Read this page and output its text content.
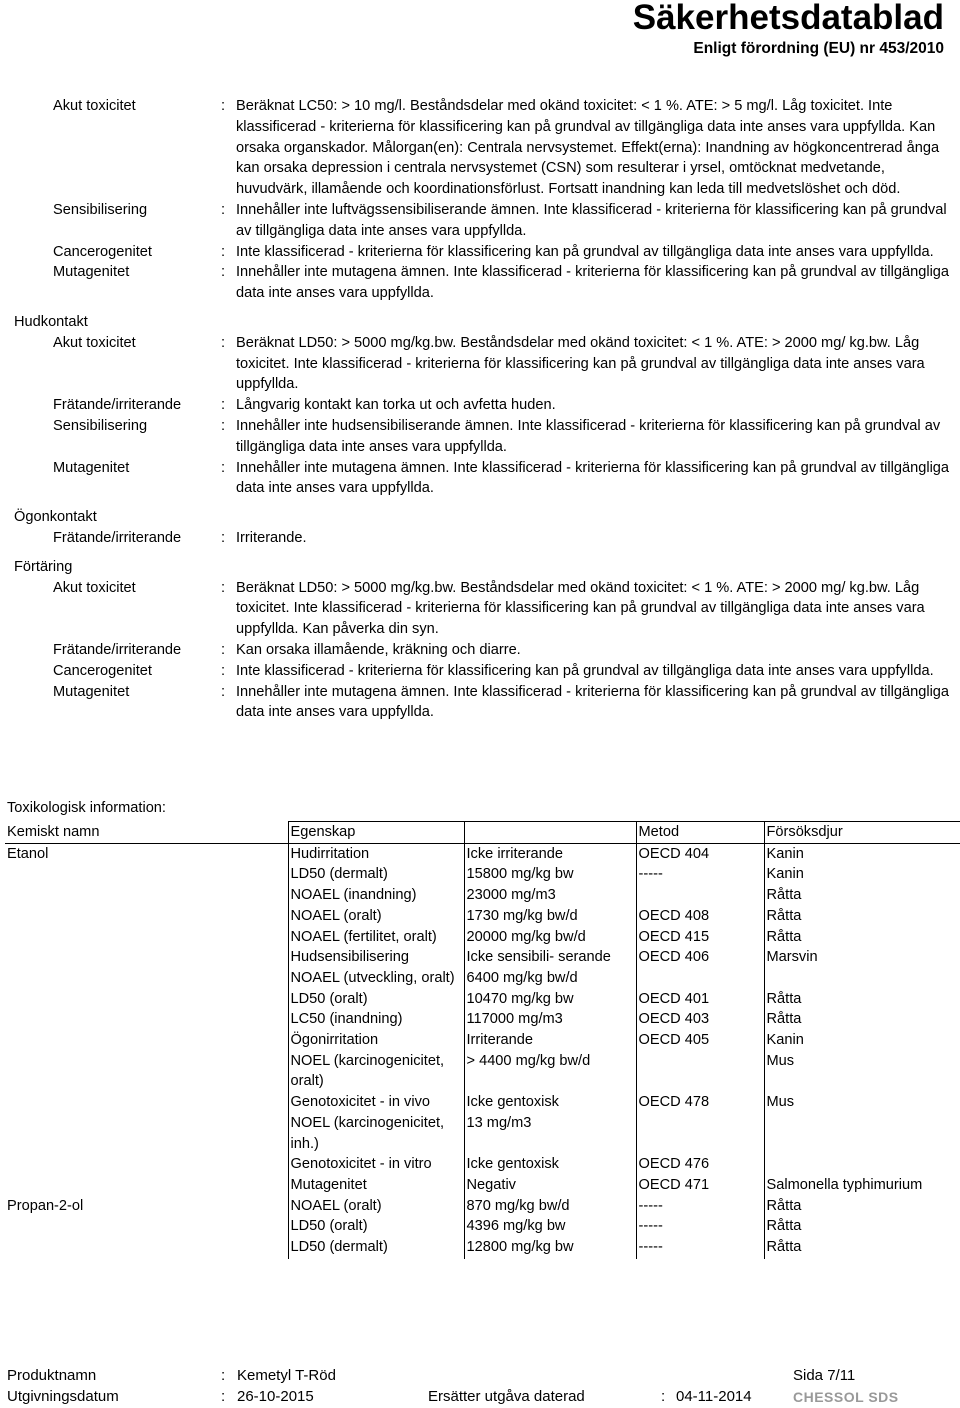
Säkerhetsdatablad
Enligt förordning (EU) nr 453/2010
Akut toxicitet	: Beräknat LC50: > 10 mg/l. Beståndsdelar med okänd toxicitet: < 1 %. ATE: > 5 mg/l. Låg toxicitet. Inte klassificerad - kriterierna för klassificering kan på grundval av tillgängliga data inte anses vara uppfyllda. Kan orsaka organskador. Målorgan(en): Centrala nervsystemet. Effekt(erna): Inandning av högkoncentrerad ånga kan orsaka depression i centrala nervsystemet (CSN) som resulterar i yrsel, omtöcknat medvetande, huvudvärk, illamående och koordinationsförlust. Fortsatt inandning kan leda till medvetslöshet och död.
Sensibilisering	: Innehåller inte luftvägssensibiliserande ämnen. Inte klassificerad - kriterierna för klassificering kan på grundval av tillgängliga data inte anses vara uppfyllda.
Cancerogenitet	: Inte klassificerad - kriterierna för klassificering kan på grundval av tillgängliga data inte anses vara uppfyllda.
Mutagenitet	: Innehåller inte mutagena ämnen. Inte klassificerad - kriterierna för klassificering kan på grundval av tillgängliga data inte anses vara uppfyllda.
Hudkontakt
Akut toxicitet	: Beräknat LD50: > 5000 mg/kg.bw. Beståndsdelar med okänd toxicitet: < 1 %. ATE: > 2000 mg/ kg.bw. Låg toxicitet. Inte klassificerad - kriterierna för klassificering kan på grundval av tillgängliga data inte anses vara uppfyllda.
Frätande/irriterande	: Långvarig kontakt kan torka ut och avfetta huden.
Sensibilisering	: Innehåller inte hudsensibiliserande ämnen. Inte klassificerad - kriterierna för klassificering kan på grundval av tillgängliga data inte anses vara uppfyllda.
Mutagenitet	: Innehåller inte mutagena ämnen. Inte klassificerad - kriterierna för klassificering kan på grundval av tillgängliga data inte anses vara uppfyllda.
Ögonkontakt
Frätande/irriterande	: Irriterande.
Förtäring
Akut toxicitet	: Beräknat LD50: > 5000 mg/kg.bw. Beståndsdelar med okänd toxicitet: < 1 %. ATE: > 2000 mg/ kg.bw. Låg toxicitet. Inte klassificerad - kriterierna för klassificering kan på grundval av tillgängliga data inte anses vara uppfyllda. Kan påverka din syn.
Frätande/irriterande	: Kan orsaka illamående, kräkning och diarre.
Cancerogenitet	: Inte klassificerad - kriterierna för klassificering kan på grundval av tillgängliga data inte anses vara uppfyllda.
Mutagenitet	: Innehåller inte mutagena ämnen. Inte klassificerad - kriterierna för klassificering kan på grundval av tillgängliga data inte anses vara uppfyllda.
Toxikologisk information:
Kemiskt namn	Egenskap		Metod	Försöksdjur
Etanol	Hudirritation	Icke irriterande	OECD 404	Kanin
	LD50 (dermalt)	15800 mg/kg bw	-----	Kanin
	NOAEL (inandning)	23000 mg/m3		Råtta
	NOAEL (oralt)	1730 mg/kg bw/d	OECD 408	Råtta
	NOAEL (fertilitet, oralt)	20000 mg/kg bw/d	OECD 415	Råtta
	Hudsensibilisering	Icke sensibili- serande	OECD 406	Marsvin
	NOAEL (utveckling, oralt)	6400 mg/kg bw/d		
	LD50 (oralt)	10470 mg/kg bw	OECD 401	Råtta
	LC50 (inandning)	117000 mg/m3	OECD 403	Råtta
	Ögonirritation	Irriterande	OECD 405	Kanin
	NOEL (karcinogenicitet, oralt)	> 4400 mg/kg bw/d		Mus
	Genotoxicitet - in vivo	Icke gentoxisk	OECD 478	Mus
	NOEL (karcinogenicitet, inh.)	13 mg/m3		
	Genotoxicitet - in vitro	Icke gentoxisk	OECD 476	
	Mutagenitet	Negativ	OECD 471	Salmonella typhimurium
Propan-2-ol	NOAEL (oralt)	870 mg/kg bw/d	-----	Råtta
	LD50 (oralt)	4396 mg/kg bw	-----	Råtta
	LD50 (dermalt)	12800 mg/kg bw	-----	Råtta
Produktnamn	: Kemetyl T-Röd	Sida 7/11
Utgivningsdatum	: 26-10-2015	Ersätter utgåva daterad	: 04-11-2014	CHESSOL SDS
